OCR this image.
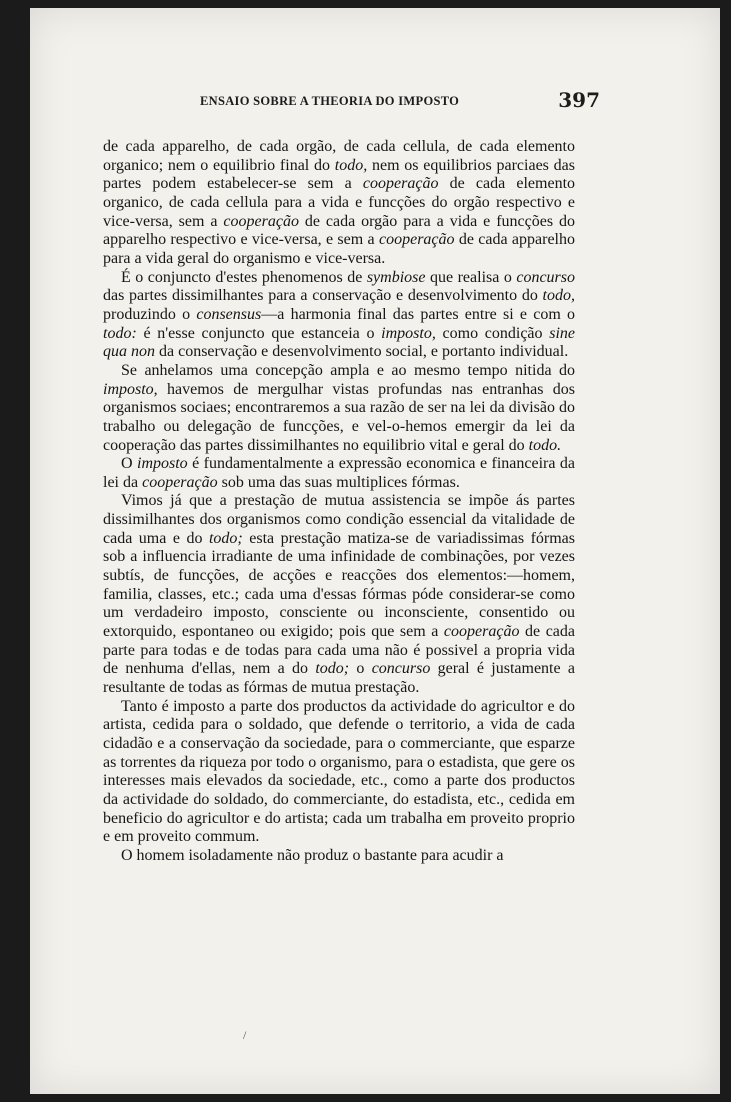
ENSAIO SOBRE A THEORIA DO IMPOSTO	397

de cada apparelho, de cada orgão, de cada cellula, de cada elemento organico; nem o equilibrio final do todo, nem os equilibrios parciaes das partes podem estabelecer-se sem a cooperação de cada elemento organico, de cada cellula para a vida e funcções do orgão respectivo e vice-versa, sem a cooperação de cada orgão para a vida e funcções do apparelho respectivo e vice-versa, e sem a cooperação de cada apparelho para a vida geral do organismo e vice-versa.

É o conjuncto d'estes phenomenos de symbiose que realisa o concurso das partes dissimilhantes para a conservação e desenvolvimento do todo, produzindo o consensus—a harmonia final das partes entre si e com o todo: é n'esse conjuncto que estanceia o imposto, como condição sine qua non da conservação e desenvolvimento social, e portanto individual.

Se anhelamos uma concepção ampla e ao mesmo tempo nitida do imposto, havemos de mergulhar vistas profundas nas entranhas dos organismos sociaes; encontraremos a sua razão de ser na lei da divisão do trabalho ou delegação de funcções, e vel-o-hemos emergir da lei da cooperação das partes dissimilhantes no equilibrio vital e geral do todo.

O imposto é fundamentalmente a expressão economica e financeira da lei da cooperação sob uma das suas multiplices fórmas.

Vimos já que a prestação de mutua assistencia se impõe ás partes dissimilhantes dos organismos como condição essencial da vitalidade de cada uma e do todo; esta prestação matiza-se de variadissimas fórmas sob a influencia irradiante de uma infinidade de combinações, por vezes subtís, de funcções, de acções e reacções dos elementos:—homem, familia, classes, etc.; cada uma d'essas fórmas póde considerar-se como um verdadeiro imposto, consciente ou inconsciente, consentido ou extorquido, espontaneo ou exigido; pois que sem a cooperação de cada parte para todas e de todas para cada uma não é possivel a propria vida de nenhuma d'ellas, nem a do todo; o concurso geral é justamente a resultante de todas as fórmas de mutua prestação.

Tanto é imposto a parte dos productos da actividade do agricultor e do artista, cedida para o soldado, que defende o territorio, a vida de cada cidadão e a conservação da sociedade, para o commerciante, que esparze as torrentes da riqueza por todo o organismo, para o estadista, que gere os interesses mais elevados da sociedade, etc., como a parte dos productos da actividade do soldado, do commerciante, do estadista, etc., cedida em beneficio do agricultor e do artista; cada um trabalha em proveito proprio e em proveito commum.

O homem isoladamente não produz o bastante para acudir a

/
